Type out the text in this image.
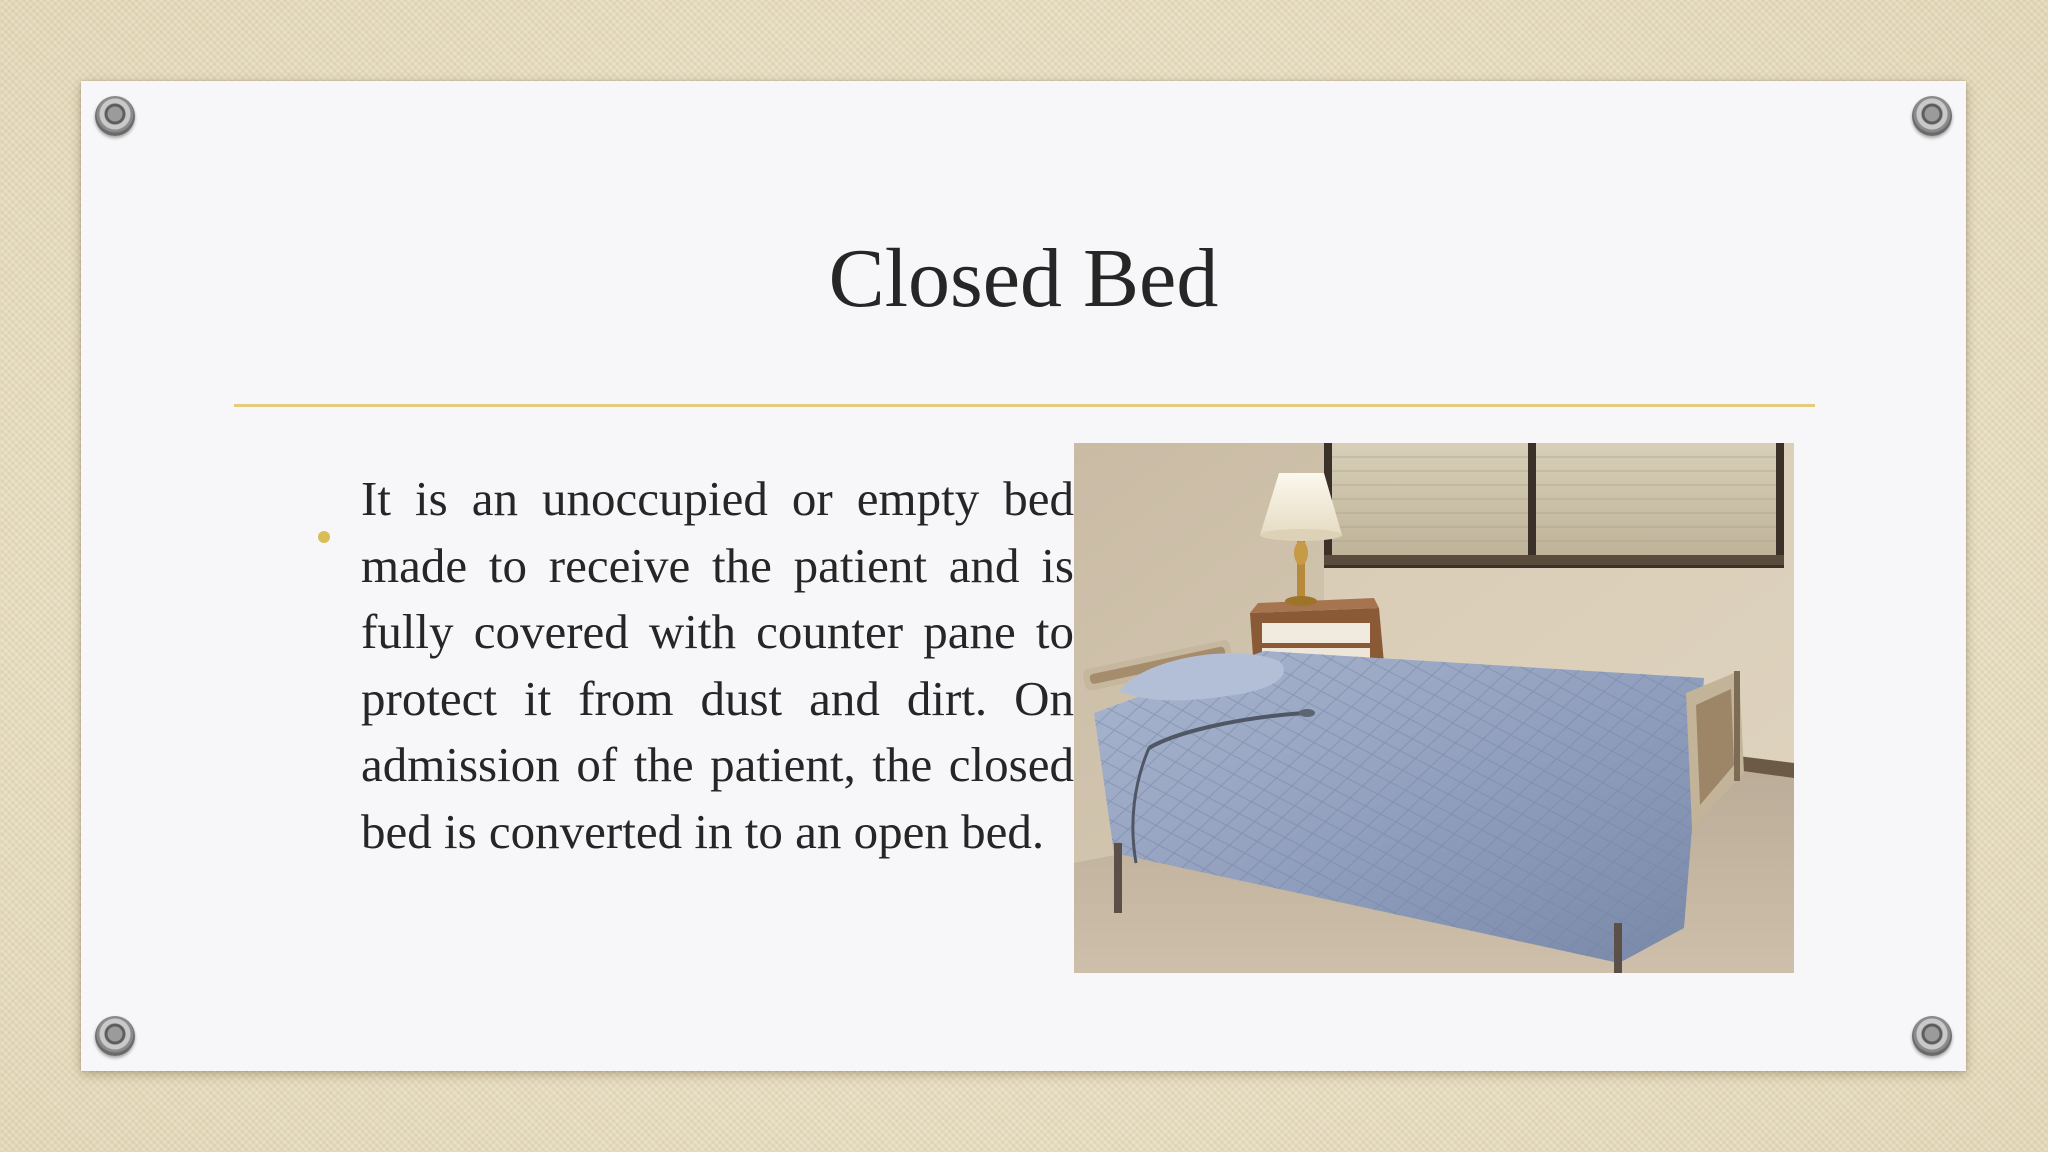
Closed Bed
It is an unoccupied or empty bed made to receive the patient and is fully covered with counter pane to protect it from dust and dirt. On admission of the patient, the closed bed is converted in to an open bed.
